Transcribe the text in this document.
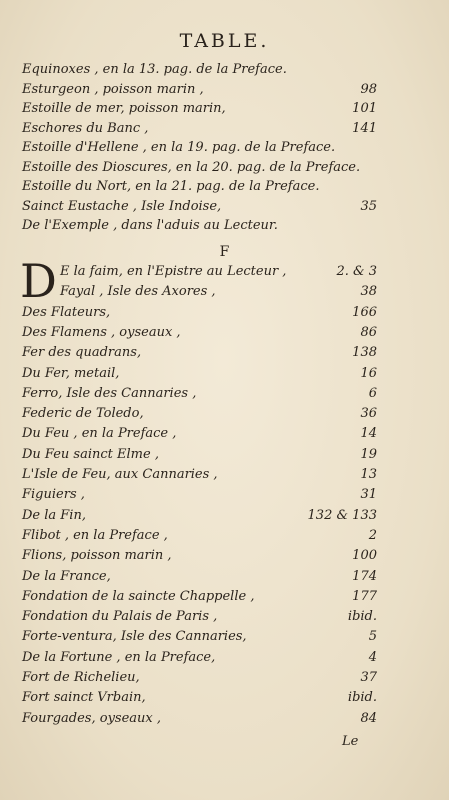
TABLE.
Equinoxes , en la 13. pag. de la Preface.
Esturgeon , poisson marin ,	98
Estoille de mer, poisson marin,	101
Eschores du Banc ,	141
Estoille d'Hellene , en la 19. pag. de la Preface.
Estoille des Dioscures, en la 20. pag. de la Preface.
Estoille du Nort, en la 21. pag. de la Preface.
Sainct Eustache , Isle Indoise,	35
De l'Exemple , dans l'aduis au Lecteur.
F
D E la faim, en l'Epistre au Lecteur ,	2. & 3
Fayal , Isle des Axores ,	38
Des Flateurs,	166
Des Flamens , oyseaux ,	86
Fer des quadrans,	138
Du Fer, metail,	16
Ferro, Isle des Cannaries ,	6
Federic de Toledo,	36
Du Feu , en la Preface ,	14
Du Feu sainct Elme ,	19
L'Isle de Feu, aux Cannaries ,	13
Figuiers ,	31
De la Fin,	132 & 133
Flibot , en la Preface ,	2
Flions, poisson marin ,	100
De la France,	174
Fondation de la saincte Chappelle ,	177
Fondation du Palais de Paris ,	ibid.
Forte-ventura, Isle des Cannaries,	5
De la Fortune , en la Preface,	4
Fort de Richelieu,	37
Fort sainct Vrbain,	ibid.
Fourgades, oyseaux ,	84
Le
